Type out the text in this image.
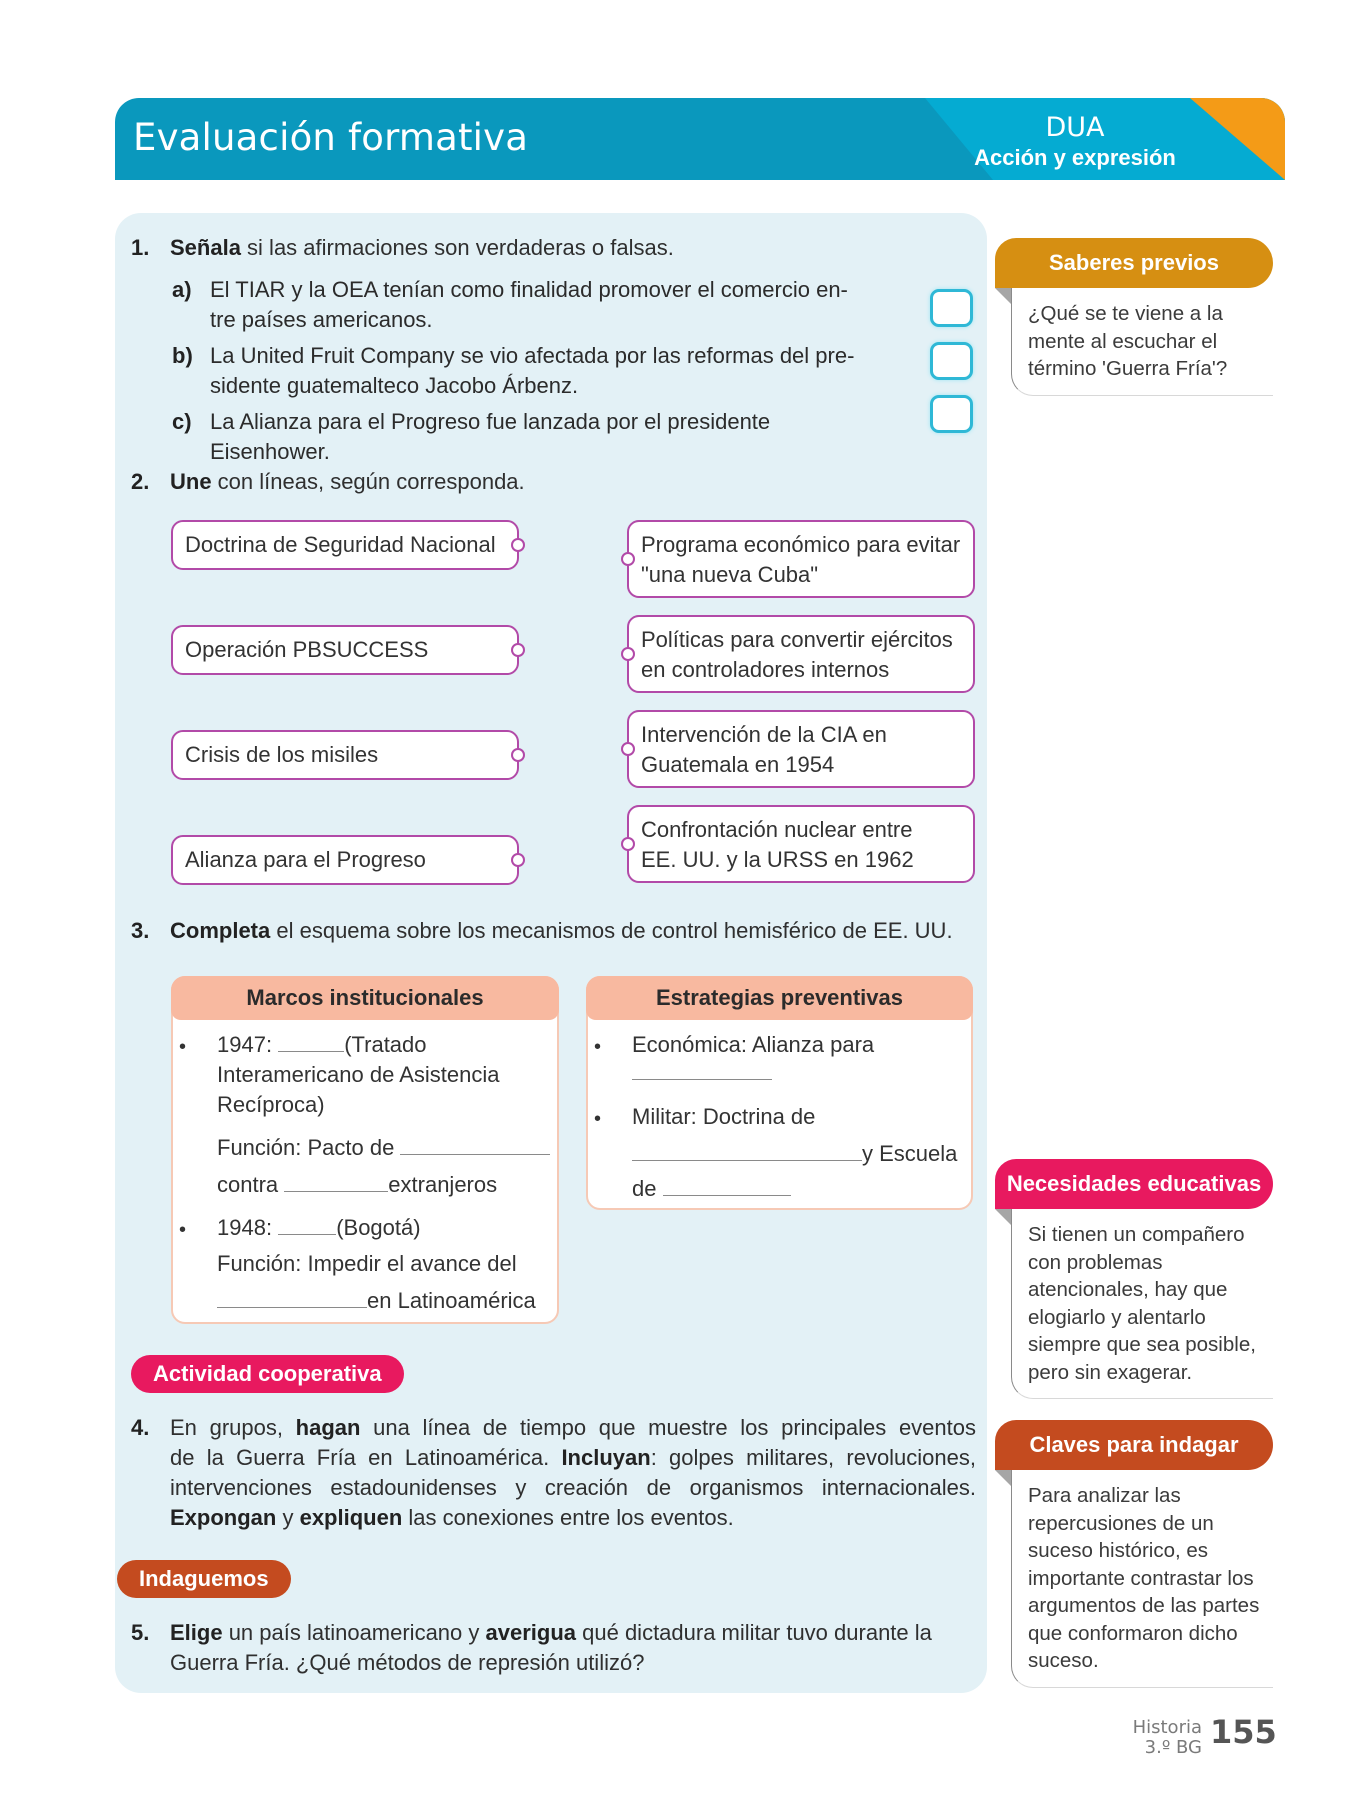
Evaluación formativa	DUA
Acción y expresión
1. Señala si las afirmaciones son verdaderas o falsas.
a) El TIAR y la OEA tenían como finalidad promover el comercio en-
tre países americanos.
b) La United Fruit Company se vio afectada por las reformas del pre-
sidente guatemalteco Jacobo Árbenz.
c) La Alianza para el Progreso fue lanzada por el presidente Eisenhower.
2. Une con líneas, según corresponda.
Doctrina de Seguridad Nacional
Operación PBSUCCESS
Crisis de los misiles
Alianza para el Progreso
Programa económico para evitar
"una nueva Cuba"
Políticas para convertir ejércitos
en controladores internos
Intervención de la CIA en
Guatemala en 1954
Confrontación nuclear entre
EE. UU. y la URSS en 1962
3. Completa el esquema sobre los mecanismos de control hemisférico de EE. UU.
Marcos institucionales
• 1947:	(Tratado
Interamericano de Asistencia
Recíproca)
Función: Pacto de
contra	extranjeros
• 1948:	(Bogotá)
Función: Impedir el avance del
en Latinoamérica
Estrategias preventivas
• Económica: Alianza para
• Militar: Doctrina de
y Escuela
de
Actividad cooperativa
4. En grupos, hagan una línea de tiempo que muestre los principales eventos
de la Guerra Fría en Latinoamérica. Incluyan: golpes militares, revoluciones,
intervenciones estadounidenses y creación de organismos internacionales.
Expongan y expliquen las conexiones entre los eventos.
Indaguemos
5. Elige un país latinoamericano y averigua qué dictadura militar tuvo durante la
Guerra Fría. ¿Qué métodos de represión utilizó?
Saberes previos
¿Qué se te viene a la
mente al escuchar el
término 'Guerra Fría'?
Necesidades educativas
Si tienen un compañero
con problemas
atencionales, hay que
elogiarlo y alentarlo
siempre que sea posible,
pero sin exagerar.
Claves para indagar
Para analizar las
repercusiones de un
suceso histórico, es
importante contrastar los
argumentos de las partes
que conformaron dicho
suceso.
Historia
3.º BG 155
